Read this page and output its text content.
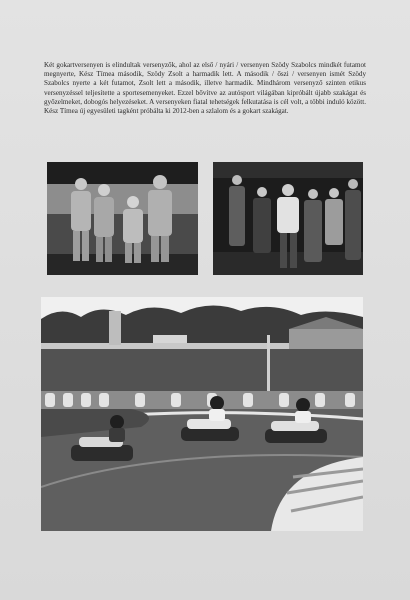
Két gokartversenyen is elindultak versenyzők, ahol az első / nyári / versenyen Szödy Szabolcs mindkét futamot megnyerte, Kész Tímea második, Szödy Zsolt a harmadik lett. A második / őszi / versenyen ismét Szödy Szabolcs nyerte a két futamot, Zsolt lett a második, illetve harmadik. Mindhárom versenyző szinten etikus versenyzéssel teljesítette a sportesemenyeket. Ezzel bővítve az autósport világában kipróbált újabb szakágat és győzelmeket, dobogós helyezéseket. A versenyeken fiatal tehetségek felkutatása is cél volt, a többi induló között. Kész Tímea új egyesületi tagként próbálta ki 2012-ben a szlalom és a gokart szakágat.
